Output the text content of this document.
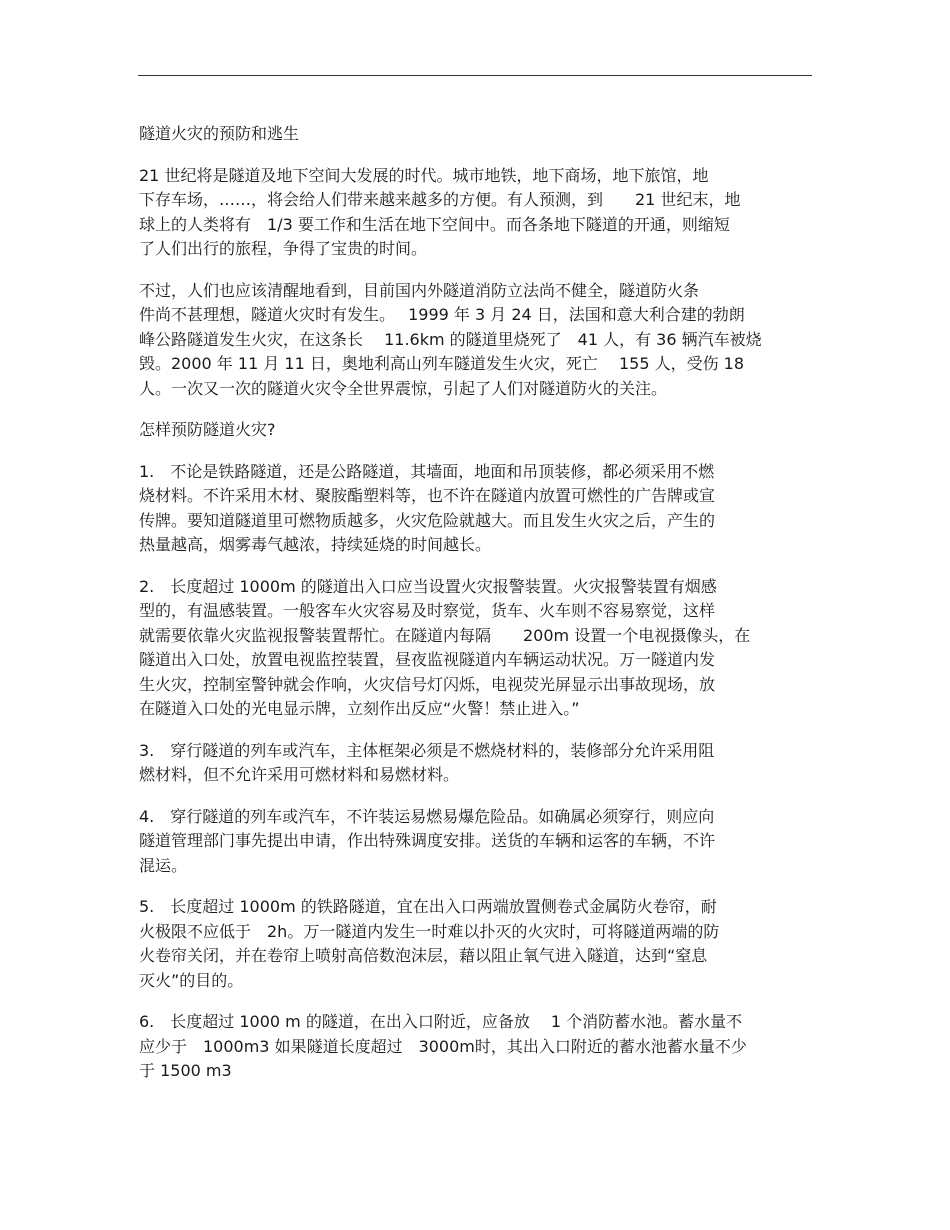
隧道火灾的预防和逃生

21 世纪将是隧道及地下空间大发展的时代。城市地铁，地下商场，地下旅馆，地
下存车场，……，将会给人们带来越来越多的方便。有人预测，到　　21 世纪末，地
球上的人类将有　1/3 要工作和生活在地下空间中。而各条地下隧道的开通，则缩短
了人们出行的旅程，争得了宝贵的时间。

不过，人们也应该清醒地看到，目前国内外隧道消防立法尚不健全，隧道防火条
件尚不甚理想，隧道火灾时有发生。　 1999 年 3 月 24 日，法国和意大利合建的勃朗
峰公路隧道发生火灾，在这条长　 11.6km 的隧道里烧死了　41 人，有 36 辆汽车被烧
毁。2000 年 11 月 11 日，奥地利高山列车隧道发生火灾，死亡　 155 人，受伤 18
人。一次又一次的隧道火灾令全世界震惊，引起了人们对隧道防火的关注。

怎样预防隧道火灾?

1.　不论是铁路隧道，还是公路隧道，其墙面，地面和吊顶装修，都必须采用不燃
烧材料。不许采用木材、聚胺酯塑料等，也不许在隧道内放置可燃性的广告牌或宣
传牌。要知道隧道里可燃物质越多，火灾危险就越大。而且发生火灾之后，产生的
热量越高，烟雾毒气越浓，持续延烧的时间越长。

2.　长度超过 1000m 的隧道出入口应当设置火灾报警装置。火灾报警装置有烟感
型的，有温感装置。一般客车火灾容易及时察觉，货车、火车则不容易察觉，这样
就需要依靠火灾监视报警装置帮忙。在隧道内每隔　　200m 设置一个电视摄像头，在
隧道出入口处，放置电视监控装置，昼夜监视隧道内车辆运动状况。万一隧道内发
生火灾，控制室警钟就会作响，火灾信号灯闪烁，电视荧光屏显示出事故现场，放
在隧道入口处的光电显示牌，立刻作出反应“火警！禁止进入。”

3.　穿行隧道的列车或汽车，主体框架必须是不燃烧材料的，装修部分允许采用阻
燃材料，但不允许采用可燃材料和易燃材料。

4.　穿行隧道的列车或汽车，不许装运易燃易爆危险品。如确属必须穿行，则应向
隧道管理部门事先提出申请，作出特殊调度安排。送货的车辆和运客的车辆，不许
混运。

5.　长度超过 1000m 的铁路隧道，宜在出入口两端放置侧卷式金属防火卷帘，耐
火极限不应低于　2h。万一隧道内发生一时难以扑灭的火灾时，可将隧道两端的防
火卷帘关闭，并在卷帘上喷射高倍数泡沫层，藉以阻止氧气进入隧道，达到“窒息
灭火”的目的。

6.　长度超过 1000 m 的隧道，在出入口附近，应备放　 1 个消防蓄水池。蓄水量不
应少于　1000m3 如果隧道长度超过　3000m时，其出入口附近的蓄水池蓄水量不少
于 1500 m3
